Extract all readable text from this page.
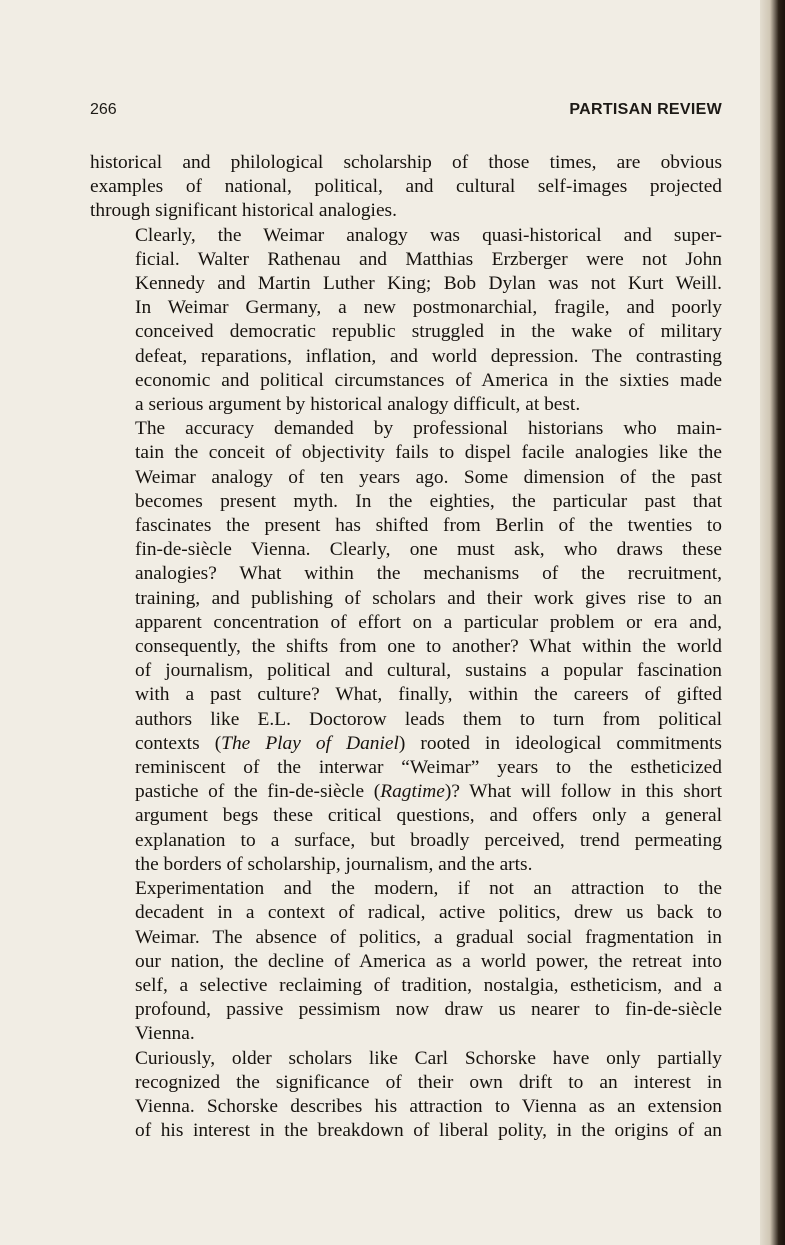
266	PARTISAN REVIEW

historical and philological scholarship of those times, are obvious
examples of national, political, and cultural self-images projected
through significant historical analogies.

Clearly, the Weimar analogy was quasi-historical and super-
ficial. Walter Rathenau and Matthias Erzberger were not John
Kennedy and Martin Luther King; Bob Dylan was not Kurt Weill.
In Weimar Germany, a new postmonarchial, fragile, and poorly
conceived democratic republic struggled in the wake of military
defeat, reparations, inflation, and world depression. The contrasting
economic and political circumstances of America in the sixties made
a serious argument by historical analogy difficult, at best.

The accuracy demanded by professional historians who main-
tain the conceit of objectivity fails to dispel facile analogies like the
Weimar analogy of ten years ago. Some dimension of the past
becomes present myth. In the eighties, the particular past that
fascinates the present has shifted from Berlin of the twenties to
fin-de-siècle Vienna. Clearly, one must ask, who draws these
analogies? What within the mechanisms of the recruitment,
training, and publishing of scholars and their work gives rise to an
apparent concentration of effort on a particular problem or era and,
consequently, the shifts from one to another? What within the world
of journalism, political and cultural, sustains a popular fascination
with a past culture? What, finally, within the careers of gifted
authors like E.L. Doctorow leads them to turn from political
contexts (The Play of Daniel) rooted in ideological commitments
reminiscent of the interwar “Weimar” years to the estheticized
pastiche of the fin-de-siècle (Ragtime)? What will follow in this short
argument begs these critical questions, and offers only a general
explanation to a surface, but broadly perceived, trend permeating
the borders of scholarship, journalism, and the arts.

Experimentation and the modern, if not an attraction to the
decadent in a context of radical, active politics, drew us back to
Weimar. The absence of politics, a gradual social fragmentation in
our nation, the decline of America as a world power, the retreat into
self, a selective reclaiming of tradition, nostalgia, estheticism, and a
profound, passive pessimism now draw us nearer to fin-de-siècle
Vienna.

Curiously, older scholars like Carl Schorske have only partially
recognized the significance of their own drift to an interest in
Vienna. Schorske describes his attraction to Vienna as an extension
of his interest in the breakdown of liberal polity, in the origins of an
